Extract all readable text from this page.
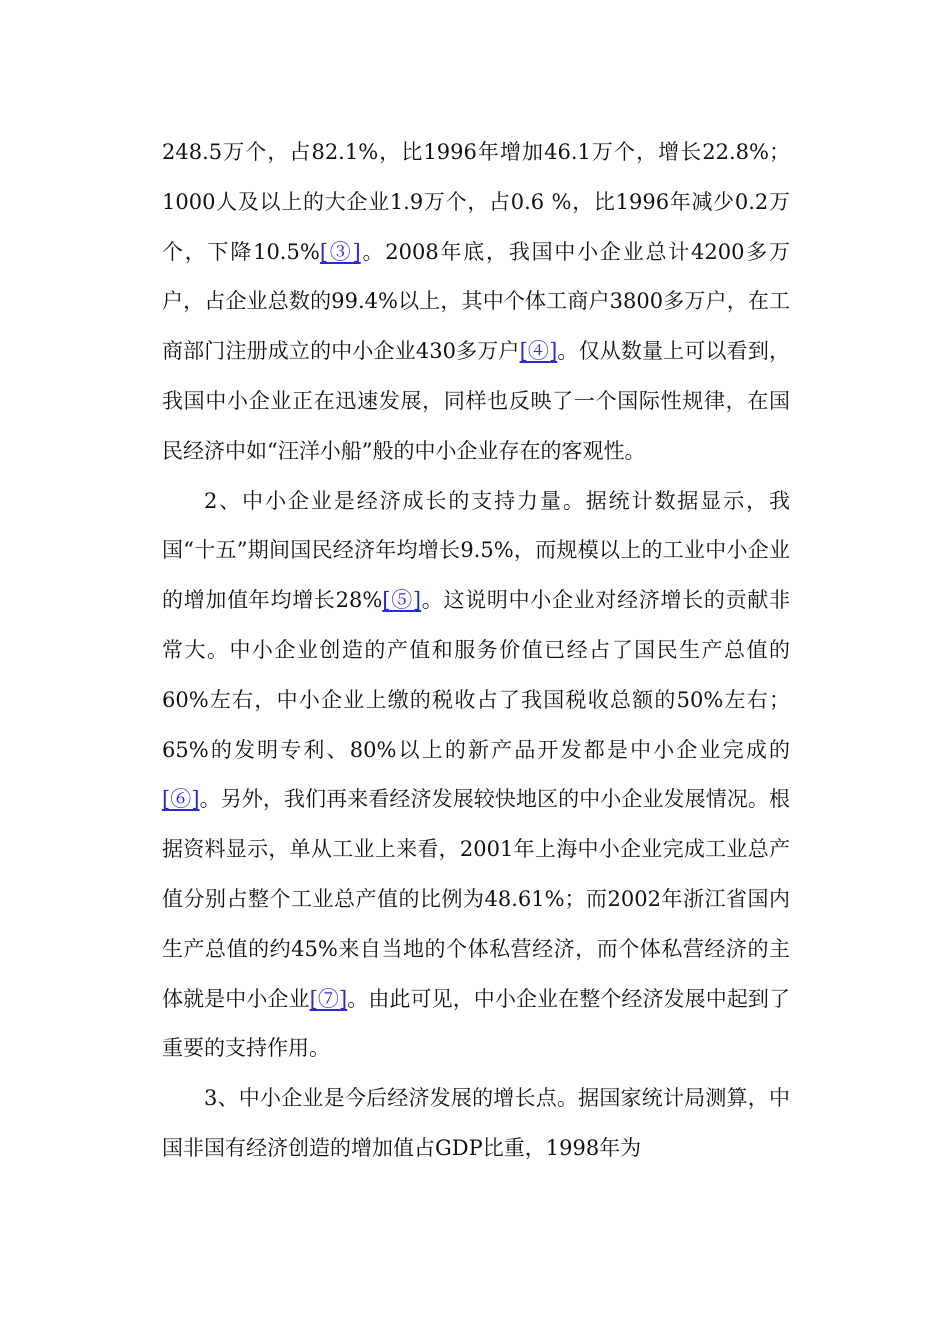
248.5万个，占82.1%，比1996年增加46.1万个，增长22.8%；1000人及以上的大企业1.9万个，占0.6 %，比1996年减少0.2万个，下降10.5%[③]。2008年底，我国中小企业总计4200多万户，占企业总数的99.4%以上，其中个体工商户3800多万户，在工商部门注册成立的中小企业430多万户[④]。仅从数量上可以看到，我国中小企业正在迅速发展，同样也反映了一个国际性规律，在国民经济中如“汪洋小船”般的中小企业存在的客观性。

2、中小企业是经济成长的支持力量。据统计数据显示，我国“十五”期间国民经济年均增长9.5%，而规模以上的工业中小企业的增加值年均增长28%[⑤]。这说明中小企业对经济增长的贡献非常大。中小企业创造的产值和服务价值已经占了国民生产总值的60%左右，中小企业上缴的税收占了我国税收总额的50%左右；65%的发明专利、80%以上的新产品开发都是中小企业完成的[⑥]。另外，我们再来看经济发展较快地区的中小企业发展情况。根据资料显示，单从工业上来看，2001年上海中小企业完成工业总产值分别占整个工业总产值的比例为48.61%；而2002年浙江省国内生产总值的约45%来自当地的个体私营经济，而个体私营经济的主体就是中小企业[⑦]。由此可见，中小企业在整个经济发展中起到了重要的支持作用。

3、中小企业是今后经济发展的增长点。据国家统计局测算，中国非国有经济创造的增加值占GDP比重，1998年为
